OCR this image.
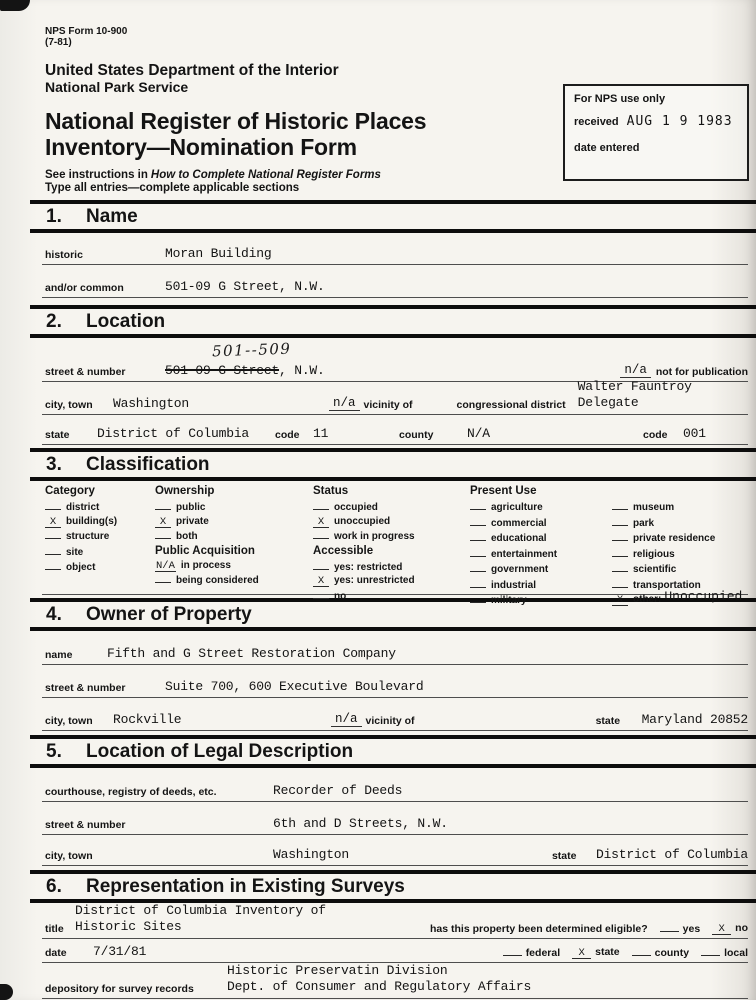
NPS Form 10-900
(7-81)
United States Department of the Interior
National Park Service
National Register of Historic Places
Inventory—Nomination Form
See instructions in How to Complete National Register Forms
Type all entries—complete applicable sections
For NPS use only
received AUG 1 9 1983
date entered
1. Name
historic	Moran Building
and/or common	501-09 G Street, N.W.
2. Location
501--509
street & number	501-09 G Street, N.W.	n/a not for publication
city, town	Washington	n/a vicinity of	congressional district
Walter Fauntroy
Delegate
state	District of Columbia	code	11	county	N/A	code	001
3. Classification
Category
district
X building(s)
structure
site
object
Ownership
public
X private
both
Public Acquisition
N/A in process
being considered
Status
occupied
X unoccupied
work in progress
Accessible
yes: restricted
X yes: unrestricted
no
Present Use
agriculture
commercial
educational
entertainment
government
industrial
military
museum
park
private residence
religious
scientific
transportation
X other: Unoccupied
4. Owner of Property
name	Fifth and G Street Restoration Company
street & number	Suite 700, 600 Executive Boulevard
city, town	Rockville	n/a vicinity of	state	Maryland 20852
5. Location of Legal Description
courthouse, registry of deeds, etc.	Recorder of Deeds
street & number	6th and D Streets, N.W.
city, town	Washington	state	District of Columbia
6. Representation in Existing Surveys
title
District of Columbia Inventory of
Historic Sites	has this property been determined eligible?	yes	X no
date	7/31/81	federal	X state	county	local
depository for survey records
Historic Preservatin Division
Dept. of Consumer and Regulatory Affairs
